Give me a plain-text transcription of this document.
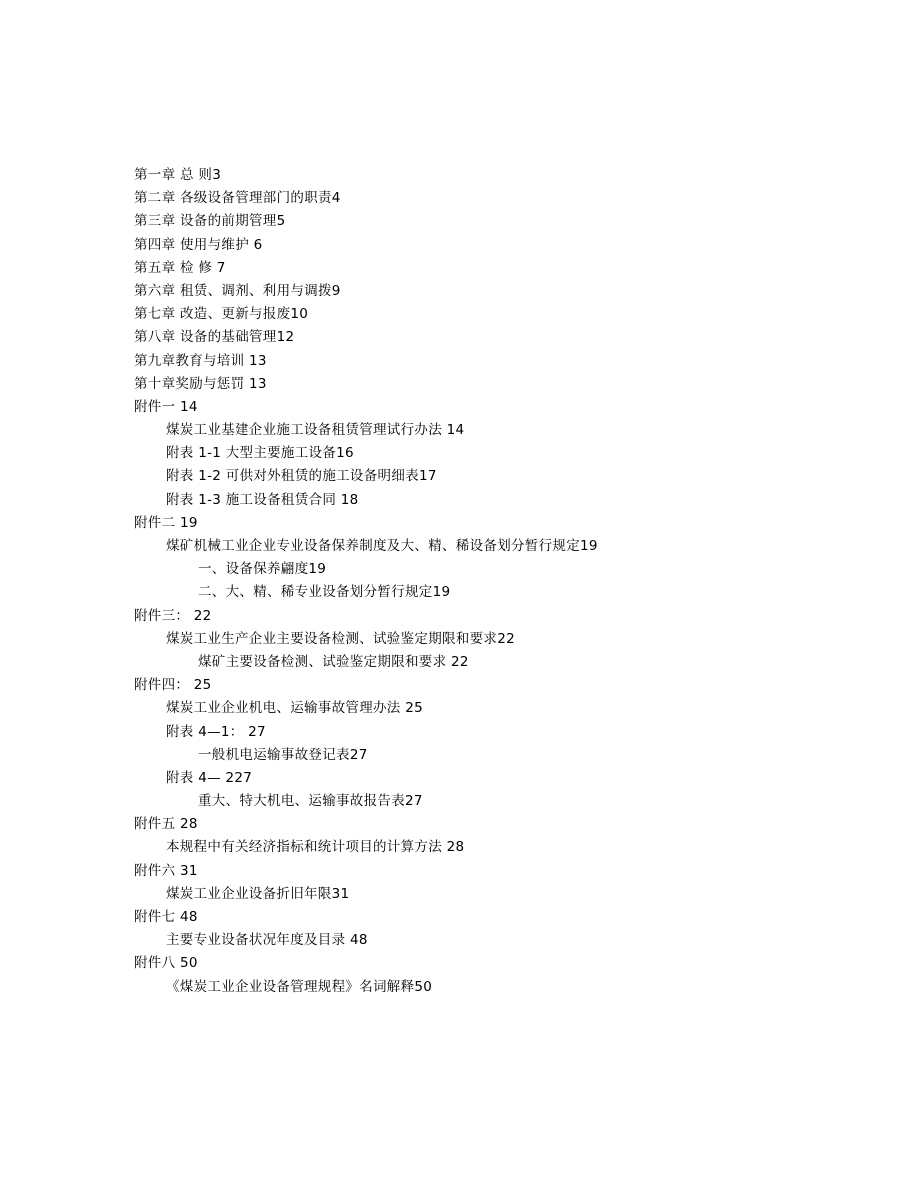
第一章 总 则3
第二章 各级设备管理部门的职责4
第三章 设备的前期管理5
第四章 使用与维护 6
第五章 检 修 7
第六章 租赁、调剂、利用与调拨9
第七章 改造、更新与报废10
第八章 设备的基础管理12
第九章教育与培训 13
第十章奖励与惩罚 13
附件一 14
煤炭工业基建企业施工设备租赁管理试行办法 14
附表 1-1 大型主要施工设备16
附表 1-2 可供对外租赁的施工设备明细表17
附表 1-3 施工设备租赁合同 18
附件二 19
煤矿机械工业企业专业设备保养制度及大、精、稀设备划分暂行规定19
一、设备保养翩度19
二、大、精、稀专业设备划分暂行规定19
附件三： 22
煤炭工业生产企业主要设备检测、试验鉴定期限和要求22
煤矿主要设备检测、试验鉴定期限和要求 22
附件四： 25
煤炭工业企业机电、运输事故管理办法 25
附表 4—1： 27
一般机电运输事故登记表27
附表 4— 227
重大、特大机电、运输事故报告表27
附件五 28
本规程中有关经济指标和统计项目的计算方法 28
附件六 31
煤炭工业企业设备折旧年限31
附件七 48
主要专业设备状况年度及目录 48
附件八 50
《煤炭工业企业设备管理规程》名词解释50
